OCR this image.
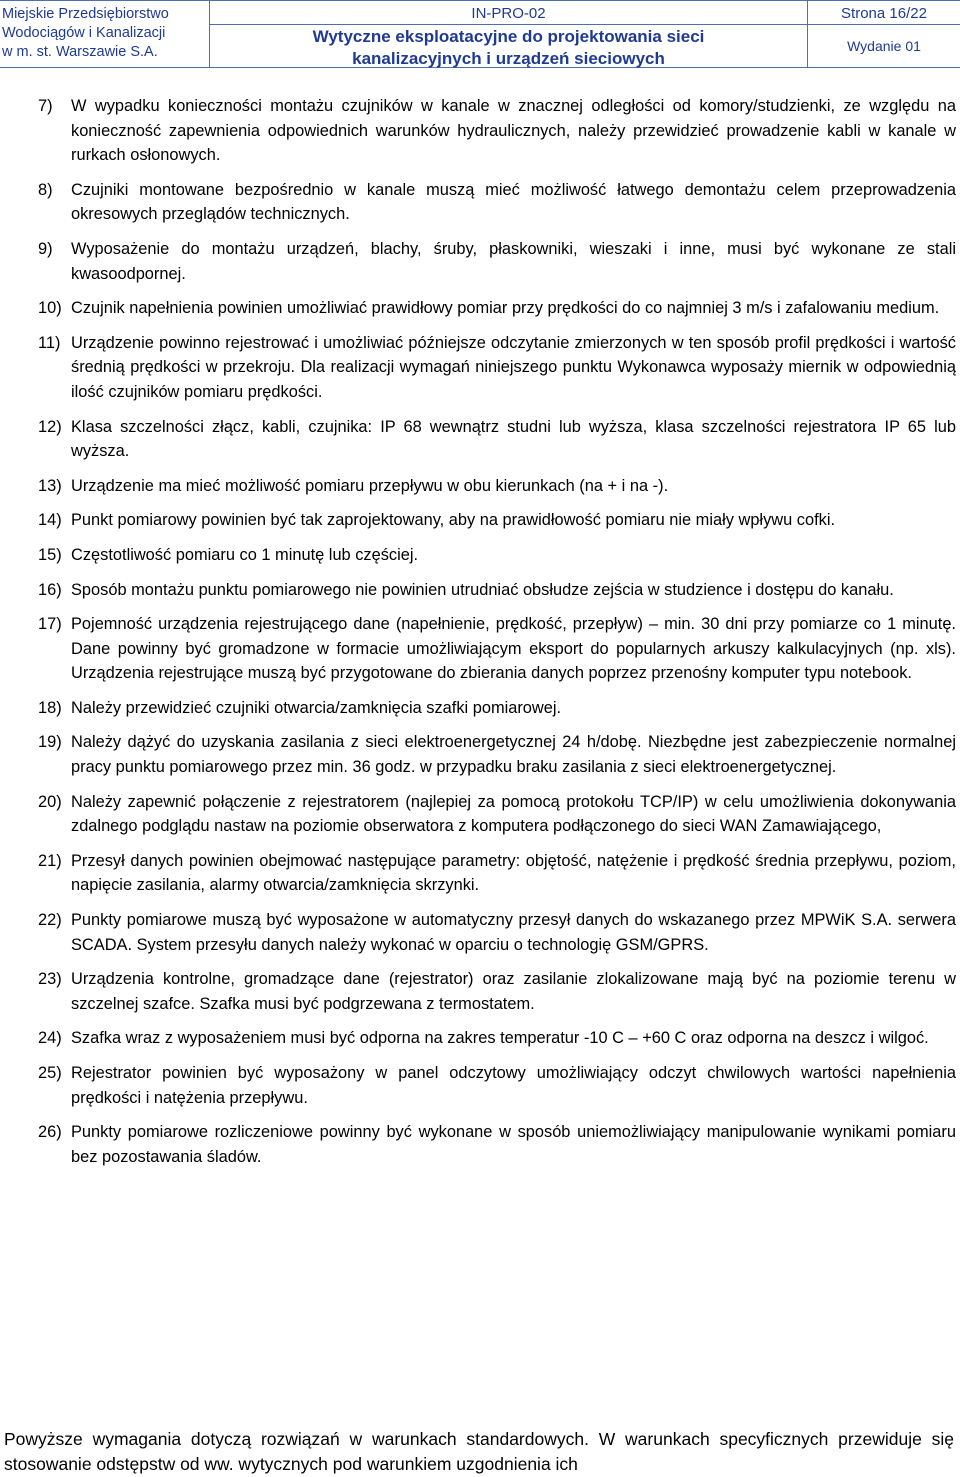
Miejskie Przedsiębiorstwo
Wodociągów i Kanalizacji
w m. st. Warszawie S.A.
IN-PRO-02
Wytyczne eksploatacyjne do projektowania sieci
kanalizacyjnych i urządzeń sieciowych
Strona 16/22
Wydanie 01
7)	W wypadku konieczności montażu czujników w kanale w znacznej odległości od komory/studzienki, ze względu na konieczność zapewnienia odpowiednich warunków hydraulicznych, należy przewidzieć prowadzenie kabli w kanale w rurkach osłonowych.
8)	Czujniki montowane bezpośrednio w kanale muszą mieć możliwość łatwego demontażu celem przeprowadzenia okresowych przeglądów technicznych.
9)	Wyposażenie do montażu urządzeń, blachy, śruby, płaskowniki, wieszaki i inne, musi być wykonane ze stali kwasoodpornej.
10) Czujnik napełnienia powinien umożliwiać prawidłowy pomiar przy prędkości do co najmniej 3 m/s i zafalowaniu medium.
11) Urządzenie powinno rejestrować i umożliwiać późniejsze odczytanie zmierzonych w ten sposób profil prędkości i wartość średnią prędkości w przekroju. Dla realizacji wymagań niniejszego punktu Wykonawca wyposaży miernik w odpowiednią ilość czujników pomiaru prędkości.
12) Klasa szczelności złącz, kabli, czujnika: IP 68 wewnątrz studni lub wyższa, klasa szczelności rejestratora IP 65 lub wyższa.
13) Urządzenie ma mieć możliwość pomiaru przepływu w obu kierunkach (na + i na -).
14) Punkt pomiarowy powinien być tak zaprojektowany, aby na prawidłowość pomiaru nie miały wpływu cofki.
15) Częstotliwość pomiaru co 1 minutę lub częściej.
16) Sposób montażu punktu pomiarowego nie powinien utrudniać obsłudze zejścia w studzience i dostępu do kanału.
17) Pojemność urządzenia rejestrującego dane (napełnienie, prędkość, przepływ) – min. 30 dni przy pomiarze co 1 minutę. Dane powinny być gromadzone w formacie umożliwiającym eksport do popularnych arkuszy kalkulacyjnych (np. xls). Urządzenia rejestrujące muszą być przygotowane do zbierania danych poprzez przenośny komputer typu notebook.
18) Należy przewidzieć czujniki otwarcia/zamknięcia szafki pomiarowej.
19) Należy dążyć do uzyskania zasilania z sieci elektroenergetycznej 24 h/dobę. Niezbędne jest zabezpieczenie normalnej pracy punktu pomiarowego przez min. 36 godz. w przypadku braku zasilania z sieci elektroenergetycznej.
20) Należy zapewnić połączenie z rejestratorem (najlepiej za pomocą protokołu TCP/IP) w celu umożliwienia dokonywania zdalnego podglądu nastaw na poziomie obserwatora z komputera podłączonego do sieci WAN Zamawiającego,
21) Przesył danych powinien obejmować następujące parametry: objętość, natężenie i prędkość średnia przepływu, poziom, napięcie zasilania, alarmy otwarcia/zamknięcia skrzynki.
22) Punkty pomiarowe muszą być wyposażone w automatyczny przesył danych do wskazanego przez MPWiK S.A. serwera SCADA. System przesyłu danych należy wykonać w oparciu o technologię GSM/GPRS.
23) Urządzenia kontrolne, gromadzące dane (rejestrator) oraz zasilanie zlokalizowane mają być na poziomie terenu w szczelnej szafce. Szafka musi być podgrzewana z termostatem.
24) Szafka wraz z wyposażeniem musi być odporna na zakres temperatur -10 C – +60 C oraz odporna na deszcz i wilgoć.
25) Rejestrator powinien być wyposażony w panel odczytowy umożliwiający odczyt chwilowych wartości napełnienia prędkości i natężenia przepływu.
26) Punkty pomiarowe rozliczeniowe powinny być wykonane w sposób uniemożliwiający manipulowanie wynikami pomiaru bez pozostawania śladów.
Powyższe wymagania dotyczą rozwiązań w warunkach standardowych. W warunkach specyficznych przewiduje się stosowanie odstępstw od ww. wytycznych pod warunkiem uzgodnienia ich
